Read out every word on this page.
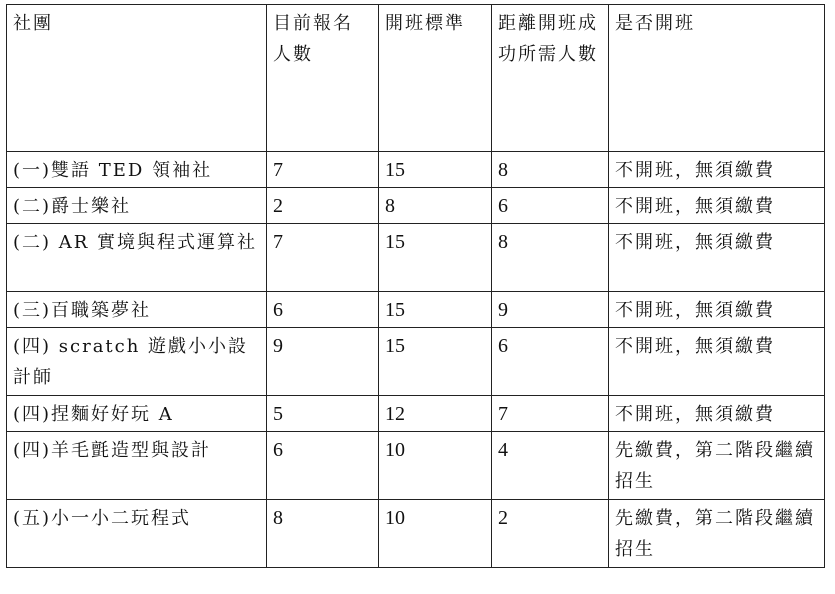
社團	目前報名人數	開班標準	距離開班成功所需人數	是否開班
(一)雙語 TED 領袖社	7	15	8	不開班，無須繳費
(二)爵士樂社	2	8	6	不開班，無須繳費
(二) AR 實境與程式運算社	7	15	8	不開班，無須繳費
(三)百職築夢社	6	15	9	不開班，無須繳費
(四) scratch 遊戲小小設計師	9	15	6	不開班，無須繳費
(四)捏麵好好玩 A	5	12	7	不開班，無須繳費
(四)羊毛氈造型與設計	6	10	4	先繳費，第二階段繼續招生
(五)小一小二玩程式	8	10	2	先繳費，第二階段繼續招生
